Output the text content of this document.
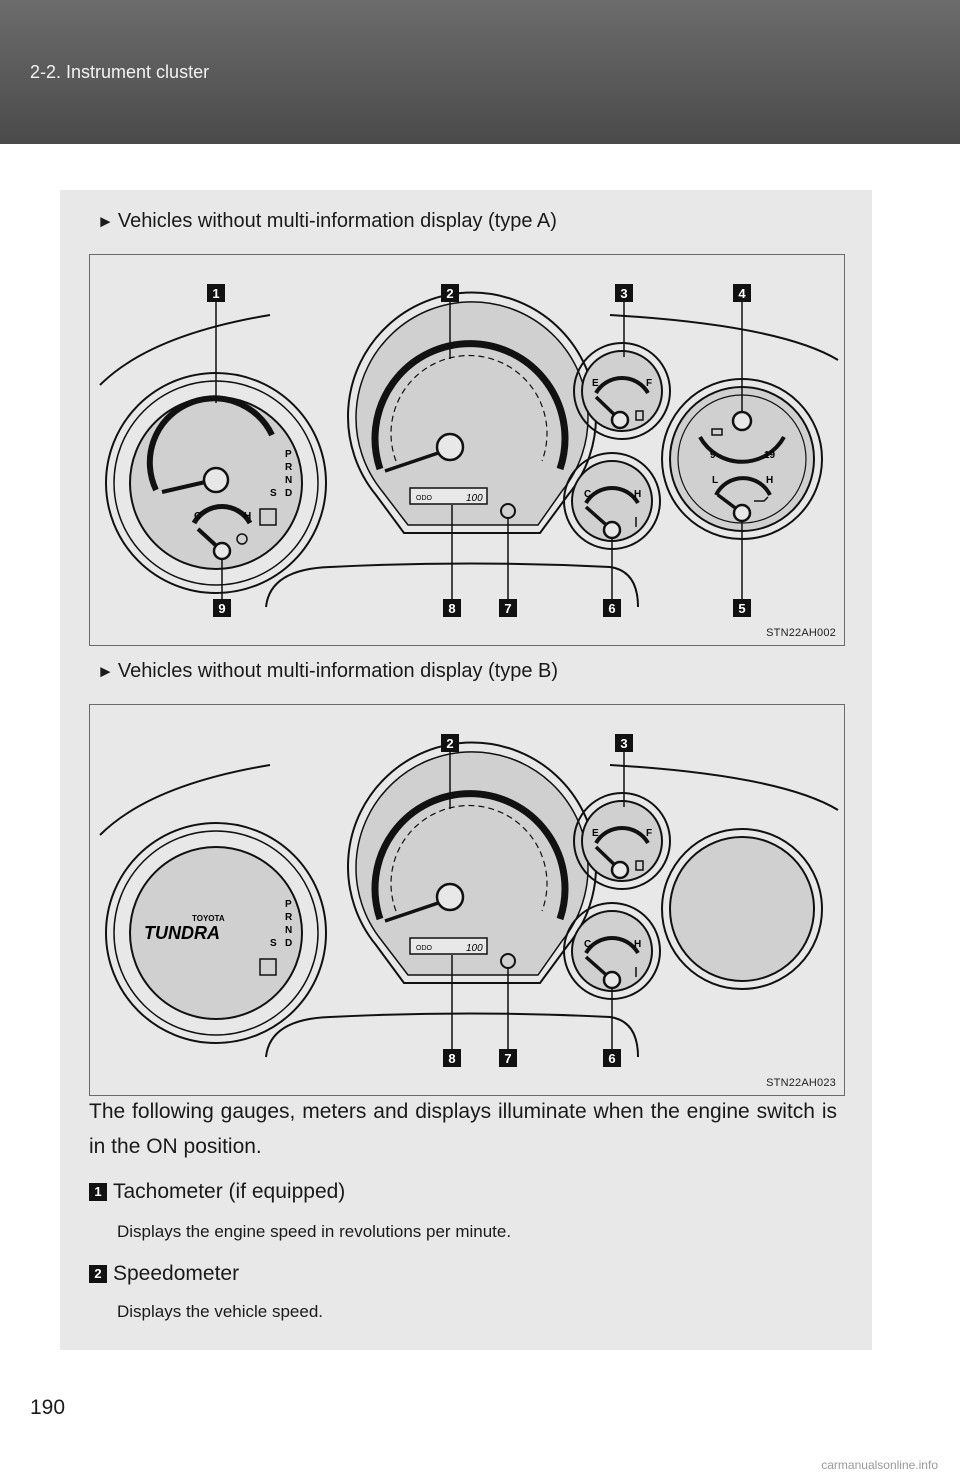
2-2. Instrument cluster
► Vehicles without multi-information display (type A)
C	H
P
R
N
S D	ODO	100
E	F
C	H
9	19
L	H
1	2	3	4
9	8	7	6	5
STN22AH002
► Vehicles without multi-information display (type B)
TOYOTA
TUNDRA
P
R
N
S D	ODO	100
E	F
C	H
2	3
8	7	6
STN22AH023
The following gauges, meters and displays illuminate when the engine switch is in the ON position.
1 Tachometer (if equipped)
Displays the engine speed in revolutions per minute.
2 Speedometer
Displays the vehicle speed.
190
carmanualsonline.info
